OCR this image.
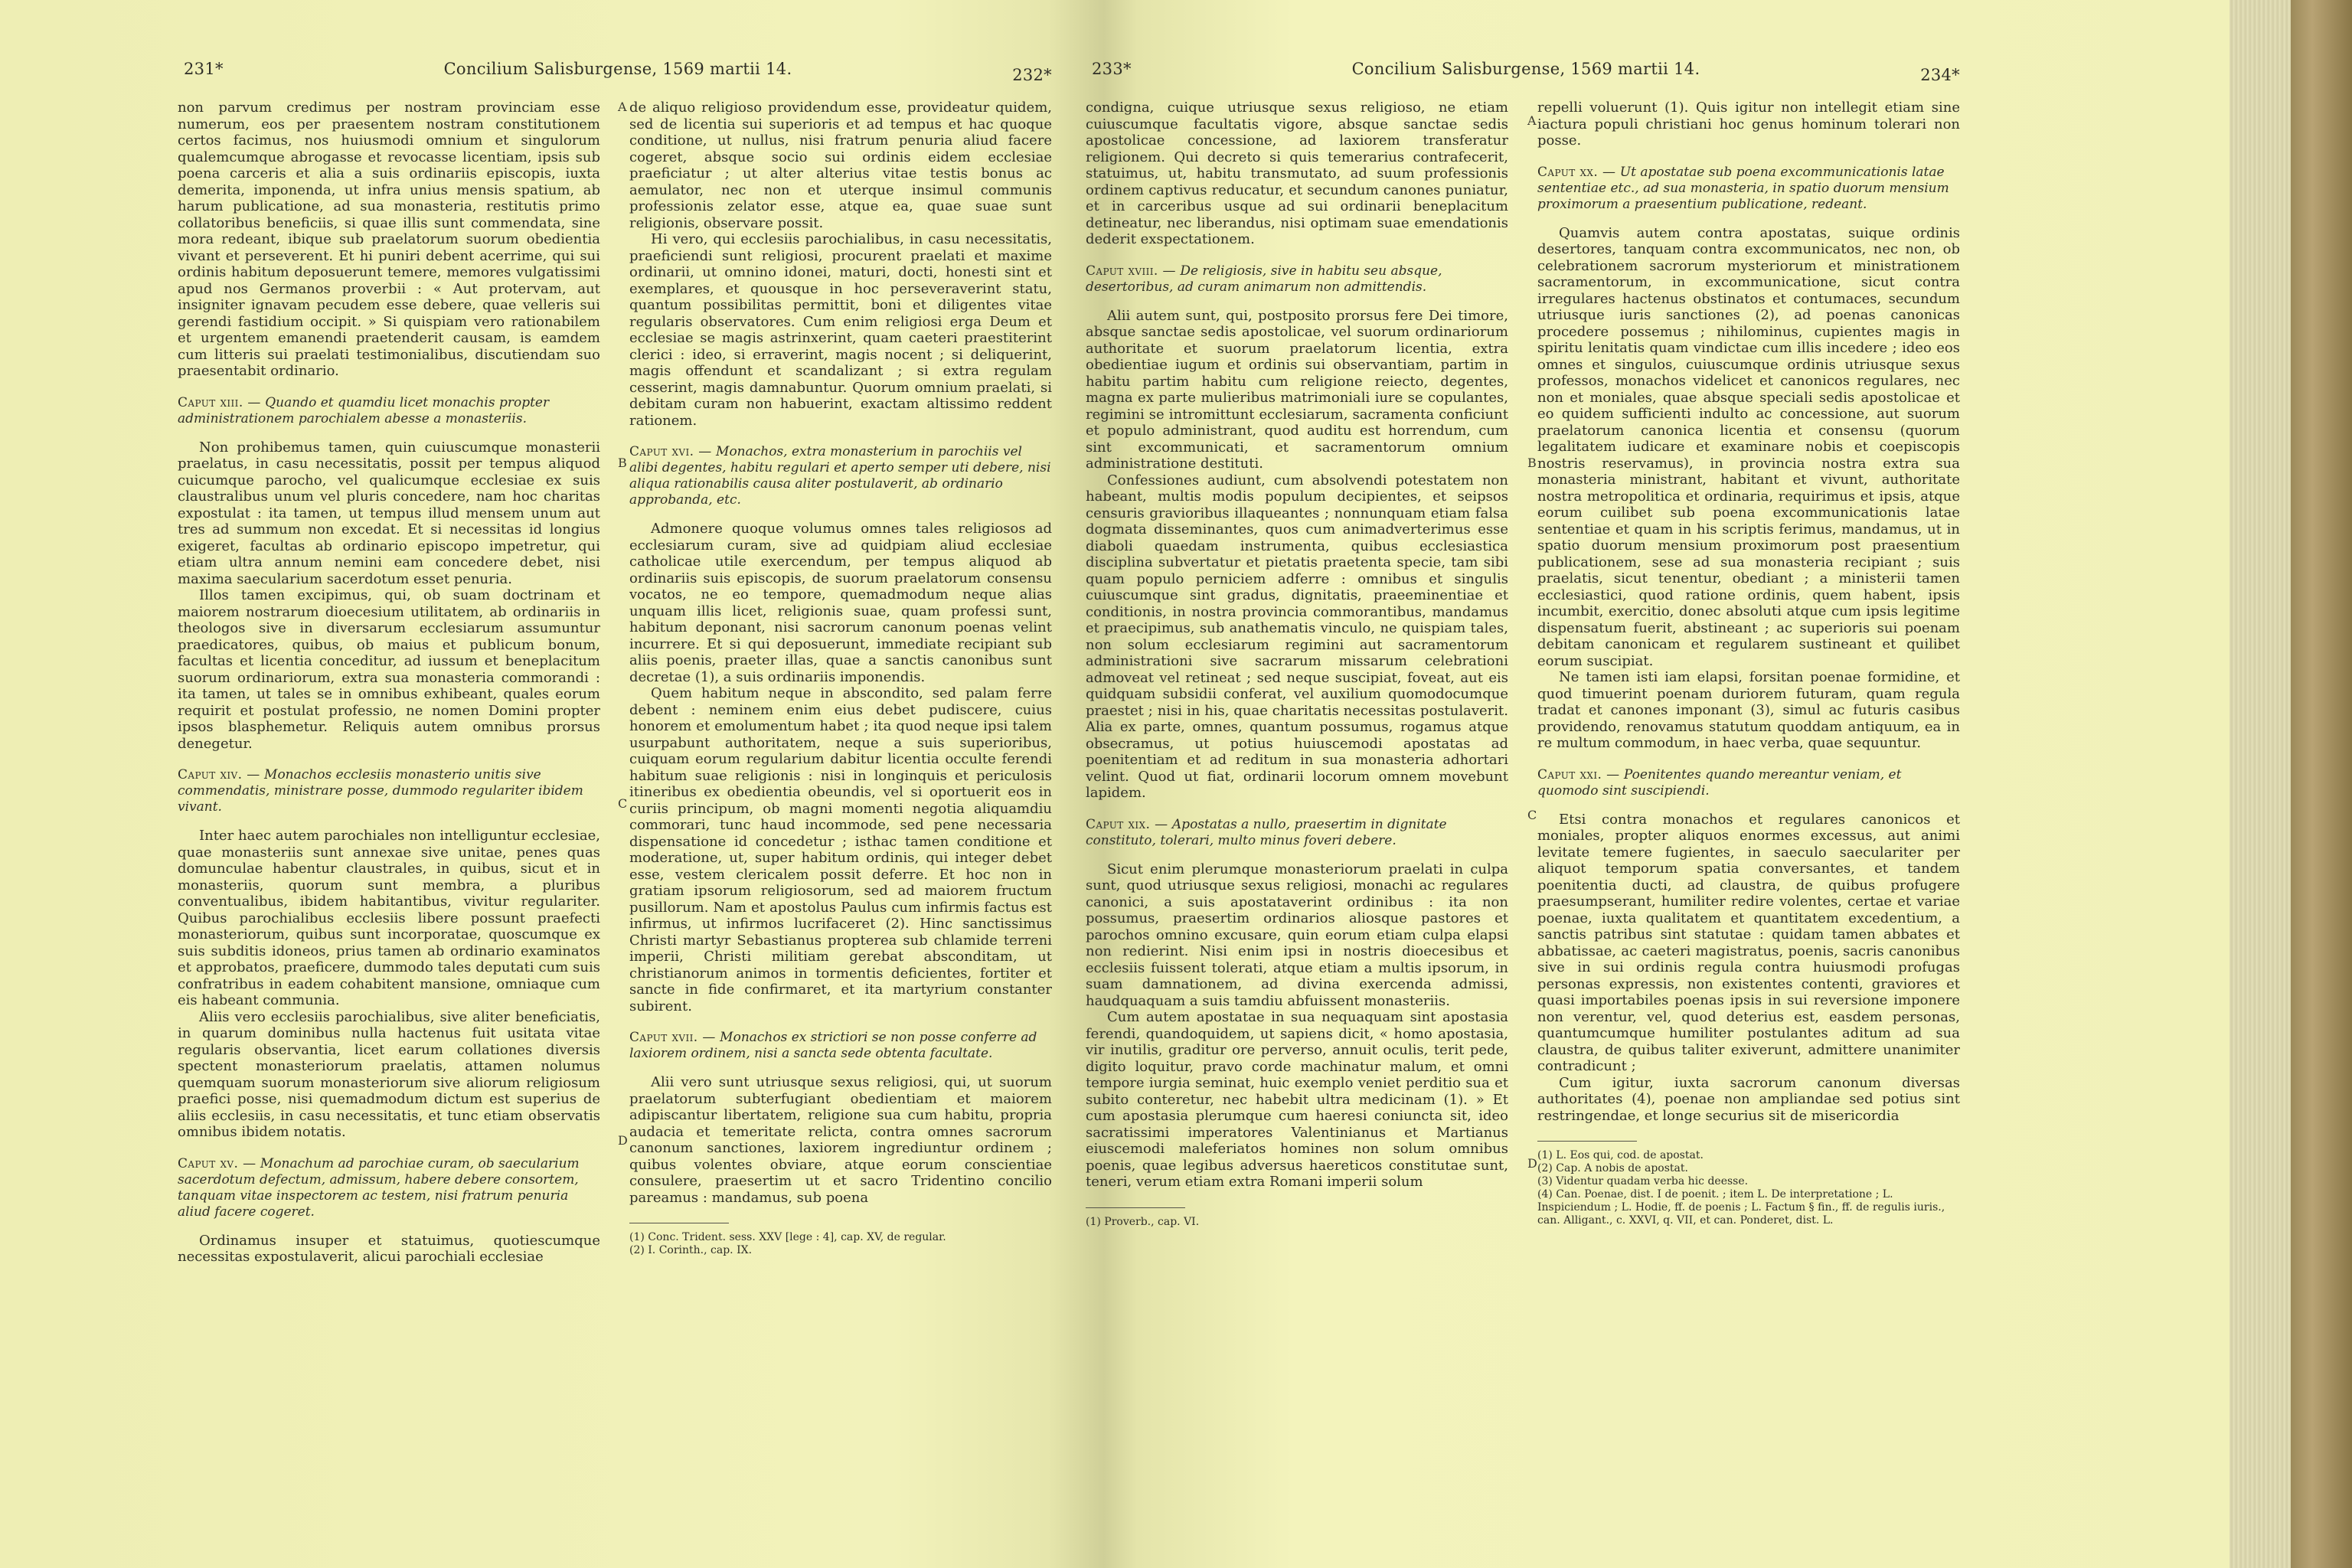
231*	Concilium Salisburgense, 1569 martii 14.	232*

non parvum credimus per nostram provinciam esse numerum, eos per praesentem nostram constitutionem certos facimus, nos huiusmodi omnium et singulorum qualemcumque abrogasse et revocasse licentiam, ipsis sub poena carceris et alia a suis ordinariis episcopis, iuxta demerita, imponenda, ut infra unius mensis spatium, ab harum publicatione, ad sua monasteria, restitutis primo collatoribus beneficiis, si quae illis sunt commendata, sine mora redeant, ibique sub praelatorum suorum obedientia vivant et perseverent. Et hi puniri debent acerrime, qui sui ordinis habitum deposuerunt temere, memores vulgatissimi apud nos Germanos proverbii : « Aut protervam, aut insigniter ignavam pecudem esse debere, quae velleris sui gerendi fastidium occipit. » Si quispiam vero rationabilem et urgentem emanendi praetenderit causam, is eamdem cum litteris sui praelati testimonialibus, discutiendam suo praesentabit ordinario.

Caput xiii. — Quando et quamdiu licet monachis propter administrationem parochialem abesse a monasteriis.

Non prohibemus tamen, quin cuiuscumque monasterii praelatus, in casu necessitatis, possit per tempus aliquod cuicumque parocho, vel qualicumque ecclesiae ex suis claustralibus unum vel pluris concedere, nam hoc charitas expostulat : ita tamen, ut tempus illud mensem unum aut tres ad summum non excedat. Et si necessitas id longius exigeret, facultas ab ordinario episcopo impetretur, qui etiam ultra annum nemini eam concedere debet, nisi maxima saecularium sacerdotum esset penuria.

Illos tamen excipimus, qui, ob suam doctrinam et maiorem nostrarum dioecesium utilitatem, ab ordinariis in theologos sive in diversarum ecclesiarum assumuntur praedicatores, quibus, ob maius et publicum bonum, facultas et licentia conceditur, ad iussum et beneplacitum suorum ordinariorum, extra sua monasteria commorandi : ita tamen, ut tales se in omnibus exhibeant, quales eorum requirit et postulat professio, ne nomen Domini propter ipsos blasphemetur. Reliquis autem omnibus prorsus denegetur.

Caput xiv. — Monachos ecclesiis monasterio unitis sive commendatis, ministrare posse, dummodo regulariter ibidem vivant.

Inter haec autem parochiales non intelliguntur ecclesiae, quae monasteriis sunt annexae sive unitae, penes quas domunculae habentur claustrales, in quibus, sicut et in monasteriis, quorum sunt membra, a pluribus conventualibus, ibidem habitantibus, vivitur regulariter. Quibus parochialibus ecclesiis libere possunt praefecti monasteriorum, quibus sunt incorporatae, quoscumque ex suis subditis idoneos, prius tamen ab ordinario examinatos et approbatos, praeficere, dummodo tales deputati cum suis confratribus in eadem cohabitent mansione, omniaque cum eis habeant communia.

Aliis vero ecclesiis parochialibus, sive aliter beneficiatis, in quarum dominibus nulla hactenus fuit usitata vitae regularis observantia, licet earum collationes diversis spectent monasteriorum praelatis, attamen nolumus quemquam suorum monasteriorum sive aliorum religiosum praefici posse, nisi quemadmodum dictum est superius de aliis ecclesiis, in casu necessitatis, et tunc etiam observatis omnibus ibidem notatis.

Caput xv. — Monachum ad parochiae curam, ob saecularium sacerdotum defectum, admissum, habere debere consortem, tanquam vitae inspectorem ac testem, nisi fratrum penuria aliud facere cogeret.

Ordinamus insuper et statuimus, quotiescumque necessitas expostulaverit, alicui parochiali ecclesiae

de aliquo religioso providendum esse, provideatur quidem, sed de licentia sui superioris et ad tempus et hac quoque conditione, ut nullus, nisi fratrum penuria aliud facere cogeret, absque socio sui ordinis eidem ecclesiae praeficiatur ; ut alter alterius vitae testis bonus ac aemulator, nec non et uterque insimul communis professionis zelator esse, atque ea, quae suae sunt religionis, observare possit.

Hi vero, qui ecclesiis parochialibus, in casu necessitatis, praeficiendi sunt religiosi, procurent praelati et maxime ordinarii, ut omnino idonei, maturi, docti, honesti sint et exemplares, et quousque in hoc perseveraverint statu, quantum possibilitas permittit, boni et diligentes vitae regularis observatores. Cum enim religiosi erga Deum et ecclesiae se magis astrinxerint, quam caeteri praestiterint clerici : ideo, si erraverint, magis nocent ; si deliquerint, magis offendunt et scandalizant ; si extra regulam cesserint, magis damnabuntur. Quorum omnium praelati, si debitam curam non habuerint, exactam altissimo reddent rationem.

Caput xvi. — Monachos, extra monasterium in parochiis vel alibi degentes, habitu regulari et aperto semper uti debere, nisi aliqua rationabilis causa aliter postulaverit, ab ordinario approbanda, etc.

Admonere quoque volumus omnes tales religiosos ad ecclesiarum curam, sive ad quidpiam aliud ecclesiae catholicae utile exercendum, per tempus aliquod ab ordinariis suis episcopis, de suorum praelatorum consensu vocatos, ne eo tempore, quemadmodum neque alias unquam illis licet, religionis suae, quam professi sunt, habitum deponant, nisi sacrorum canonum poenas velint incurrere. Et si qui deposuerunt, immediate recipiant sub aliis poenis, praeter illas, quae a sanctis canonibus sunt decretae (1), a suis ordinariis imponendis.

Quem habitum neque in abscondito, sed palam ferre debent : neminem enim eius debet pudiscere, cuius honorem et emolumentum habet ; ita quod neque ipsi talem usurpabunt authoritatem, neque a suis superioribus, cuiquam eorum regularium dabitur licentia occulte ferendi habitum suae religionis : nisi in longinquis et periculosis itineribus ex obedientia obeundis, vel si oportuerit eos in curiis principum, ob magni momenti negotia aliquamdiu commorari, tunc haud incommode, sed pene necessaria dispensatione id concedetur ; isthac tamen conditione et moderatione, ut, super habitum ordinis, qui integer debet esse, vestem clericalem possit deferre. Et hoc non in gratiam ipsorum religiosorum, sed ad maiorem fructum pusillorum. Nam et apostolus Paulus cum infirmis factus est infirmus, ut infirmos lucrifaceret (2). Hinc sanctissimus Christi martyr Sebastianus propterea sub chlamide terreni imperii, Christi militiam gerebat absconditam, ut christianorum animos in tormentis deficientes, fortiter et sancte in fide confirmaret, et ita martyrium constanter subirent.

Caput xvii. — Monachos ex strictiori se non posse conferre ad laxiorem ordinem, nisi a sancta sede obtenta facultate.

Alii vero sunt utriusque sexus religiosi, qui, ut suorum praelatorum subterfugiant obedientiam et maiorem adipiscantur libertatem, religione sua cum habitu, propria audacia et temeritate relicta, contra omnes sacrorum canonum sanctiones, laxiorem ingrediuntur ordinem ; quibus volentes obviare, atque eorum conscientiae consulere, praesertim ut et sacro Tridentino concilio pareamus : mandamus, sub poena

(1) Conc. Trident. sess. XXV [lege : 4], cap. XV, de regular.
(2) I. Corinth., cap. IX.
A
B
C
D
233*	Concilium Salisburgense, 1569 martii 14.	234*

condigna, cuique utriusque sexus religioso, ne etiam cuiuscumque facultatis vigore, absque sanctae sedis apostolicae concessione, ad laxiorem transferatur religionem. Qui decreto si quis temerarius contrafecerit, statuimus, ut, habitu transmutato, ad suum professionis ordinem captivus reducatur, et secundum canones puniatur, et in carceribus usque ad sui ordinarii beneplacitum detineatur, nec liberandus, nisi optimam suae emendationis dederit exspectationem.

Caput xviii. — De religiosis, sive in habitu seu absque, desertoribus, ad curam animarum non admittendis.

Alii autem sunt, qui, postposito prorsus fere Dei timore, absque sanctae sedis apostolicae, vel suorum ordinariorum authoritate et suorum praelatorum licentia, extra obedientiae iugum et ordinis sui observantiam, partim in habitu partim habitu cum religione reiecto, degentes, magna ex parte mulieribus matrimoniali iure se copulantes, regimini se intromittunt ecclesiarum, sacramenta conficiunt et populo administrant, quod auditu est horrendum, cum sint excommunicati, et sacramentorum omnium administratione destituti.

Confessiones audiunt, cum absolvendi potestatem non habeant, multis modis populum decipientes, et seipsos censuris gravioribus illaqueantes ; nonnunquam etiam falsa dogmata disseminantes, quos cum animadverterimus esse diaboli quaedam instrumenta, quibus ecclesiastica disciplina subvertatur et pietatis praetenta specie, tam sibi quam populo perniciem adferre : omnibus et singulis cuiuscumque sint gradus, dignitatis, praeeminentiae et conditionis, in nostra provincia commorantibus, mandamus et praecipimus, sub anathematis vinculo, ne quispiam tales, non solum ecclesiarum regimini aut sacramentorum administrationi sive sacrarum missarum celebrationi admoveat vel retineat ; sed neque suscipiat, foveat, aut eis quidquam subsidii conferat, vel auxilium quomodocumque praestet ; nisi in his, quae charitatis necessitas postulaverit. Alia ex parte, omnes, quantum possumus, rogamus atque obsecramus, ut potius huiuscemodi apostatas ad poenitentiam et ad reditum in sua monasteria adhortari velint. Quod ut fiat, ordinarii locorum omnem movebunt lapidem.

Caput xix. — Apostatas a nullo, praesertim in dignitate constituto, tolerari, multo minus foveri debere.

Sicut enim plerumque monasteriorum praelati in culpa sunt, quod utriusque sexus religiosi, monachi ac regulares canonici, a suis apostataverint ordinibus : ita non possumus, praesertim ordinarios aliosque pastores et parochos omnino excusare, quin eorum etiam culpa elapsi non redierint. Nisi enim ipsi in nostris dioecesibus et ecclesiis fuissent tolerati, atque etiam a multis ipsorum, in suam damnationem, ad divina exercenda admissi, haudquaquam a suis tamdiu abfuissent monasteriis.

Cum autem apostatae in sua nequaquam sint apostasia ferendi, quandoquidem, ut sapiens dicit, « homo apostasia, vir inutilis, graditur ore perverso, annuit oculis, terit pede, digito loquitur, pravo corde machinatur malum, et omni tempore iurgia seminat, huic exemplo veniet perditio sua et subito conteretur, nec habebit ultra medicinam (1). » Et cum apostasia plerumque cum haeresi coniuncta sit, ideo sacratissimi imperatores Valentinianus et Martianus eiuscemodi maleferiatos homines non solum omnibus poenis, quae legibus adversus haereticos constitutae sunt, teneri, verum etiam extra Romani imperii solum

(1) Proverb., cap. VI.

repelli voluerunt (1). Quis igitur non intellegit etiam sine iactura populi christiani hoc genus hominum tolerari non posse.

Caput xx. — Ut apostatae sub poena excommunicationis latae sententiae etc., ad sua monasteria, in spatio duorum mensium proximorum a praesentium publicatione, redeant.

Quamvis autem contra apostatas, suique ordinis desertores, tanquam contra excommunicatos, nec non, ob celebrationem sacrorum mysteriorum et ministrationem sacramentorum, in excommunicatione, sicut contra irregulares hactenus obstinatos et contumaces, secundum utriusque iuris sanctiones (2), ad poenas canonicas procedere possemus ; nihilominus, cupientes magis in spiritu lenitatis quam vindictae cum illis incedere ; ideo eos omnes et singulos, cuiuscumque ordinis utriusque sexus professos, monachos videlicet et canonicos regulares, nec non et moniales, quae absque speciali sedis apostolicae et eo quidem sufficienti indulto ac concessione, aut suorum praelatorum canonica licentia et consensu (quorum legalitatem iudicare et examinare nobis et coepiscopis nostris reservamus), in provincia nostra extra sua monasteria ministrant, habitant et vivunt, authoritate nostra metropolitica et ordinaria, requirimus et ipsis, atque eorum cuilibet sub poena excommunicationis latae sententiae et quam in his scriptis ferimus, mandamus, ut in spatio duorum mensium proximorum post praesentium publicationem, sese ad sua monasteria recipiant ; suis praelatis, sicut tenentur, obediant ; a ministerii tamen ecclesiastici, quod ratione ordinis, quem habent, ipsis incumbit, exercitio, donec absoluti atque cum ipsis legitime dispensatum fuerit, abstineant ; ac superioris sui poenam debitam canonicam et regularem sustineant et quilibet eorum suscipiat.

Ne tamen isti iam elapsi, forsitan poenae formidine, et quod timuerint poenam duriorem futuram, quam regula tradat et canones imponant (3), simul ac futuris casibus providendo, renovamus statutum quoddam antiquum, ea in re multum commodum, in haec verba, quae sequuntur.

Caput xxi. — Poenitentes quando mereantur veniam, et quomodo sint suscipiendi.

Etsi contra monachos et regulares canonicos et moniales, propter aliquos enormes excessus, aut animi levitate temere fugientes, in saeculo saeculariter per aliquot temporum spatia conversantes, et tandem poenitentia ducti, ad claustra, de quibus profugere praesumpserant, humiliter redire volentes, certae et variae poenae, iuxta qualitatem et quantitatem excedentium, a sanctis patribus sint statutae : quidam tamen abbates et abbatissae, ac caeteri magistratus, poenis, sacris canonibus sive in sui ordinis regula contra huiusmodi profugas personas expressis, non existentes contenti, graviores et quasi importabiles poenas ipsis in sui reversione imponere non verentur, vel, quod deterius est, easdem personas, quantumcumque humiliter postulantes aditum ad sua claustra, de quibus taliter exiverunt, admittere unanimiter contradicunt ;

Cum igitur, iuxta sacrorum canonum diversas authoritates (4), poenae non ampliandae sed potius sint restringendae, et longe securius sit de misericordia

(1) L. Eos qui, cod. de apostat.
(2) Cap. A nobis de apostat.
(3) Videntur quadam verba hic deesse.
(4) Can. Poenae, dist. I de poenit. ; item L. De interpretatione ; L. Inspiciendum ; L. Hodie, ff. de poenis ; L. Factum § fin., ff. de regulis iuris., can. Alligant., c. XXVI, q. VII, et can. Ponderet, dist. L.
A
B
C
D
